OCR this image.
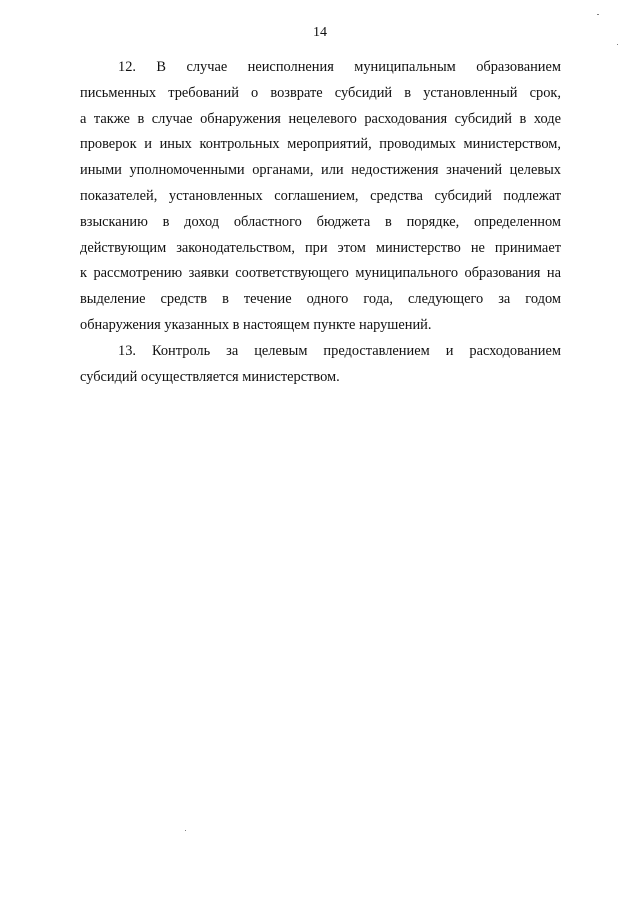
14
12. В случае неисполнения муниципальным образованием
письменных требований о возврате субсидий в установленный срок,
а также в случае обнаружения нецелевого расходования субсидий в ходе
проверок и иных контрольных мероприятий, проводимых министерством,
иными уполномоченными органами, или недостижения значений целевых
показателей, установленных соглашением, средства субсидий подлежат
взысканию в доход областного бюджета в порядке, определенном
действующим законодательством, при этом министерство не принимает
к рассмотрению заявки соответствующего муниципального образования на
выделение средств в течение одного года, следующего за годом
обнаружения указанных в настоящем пункте нарушений.
13. Контроль за целевым предоставлением и расходованием
субсидий осуществляется министерством.
